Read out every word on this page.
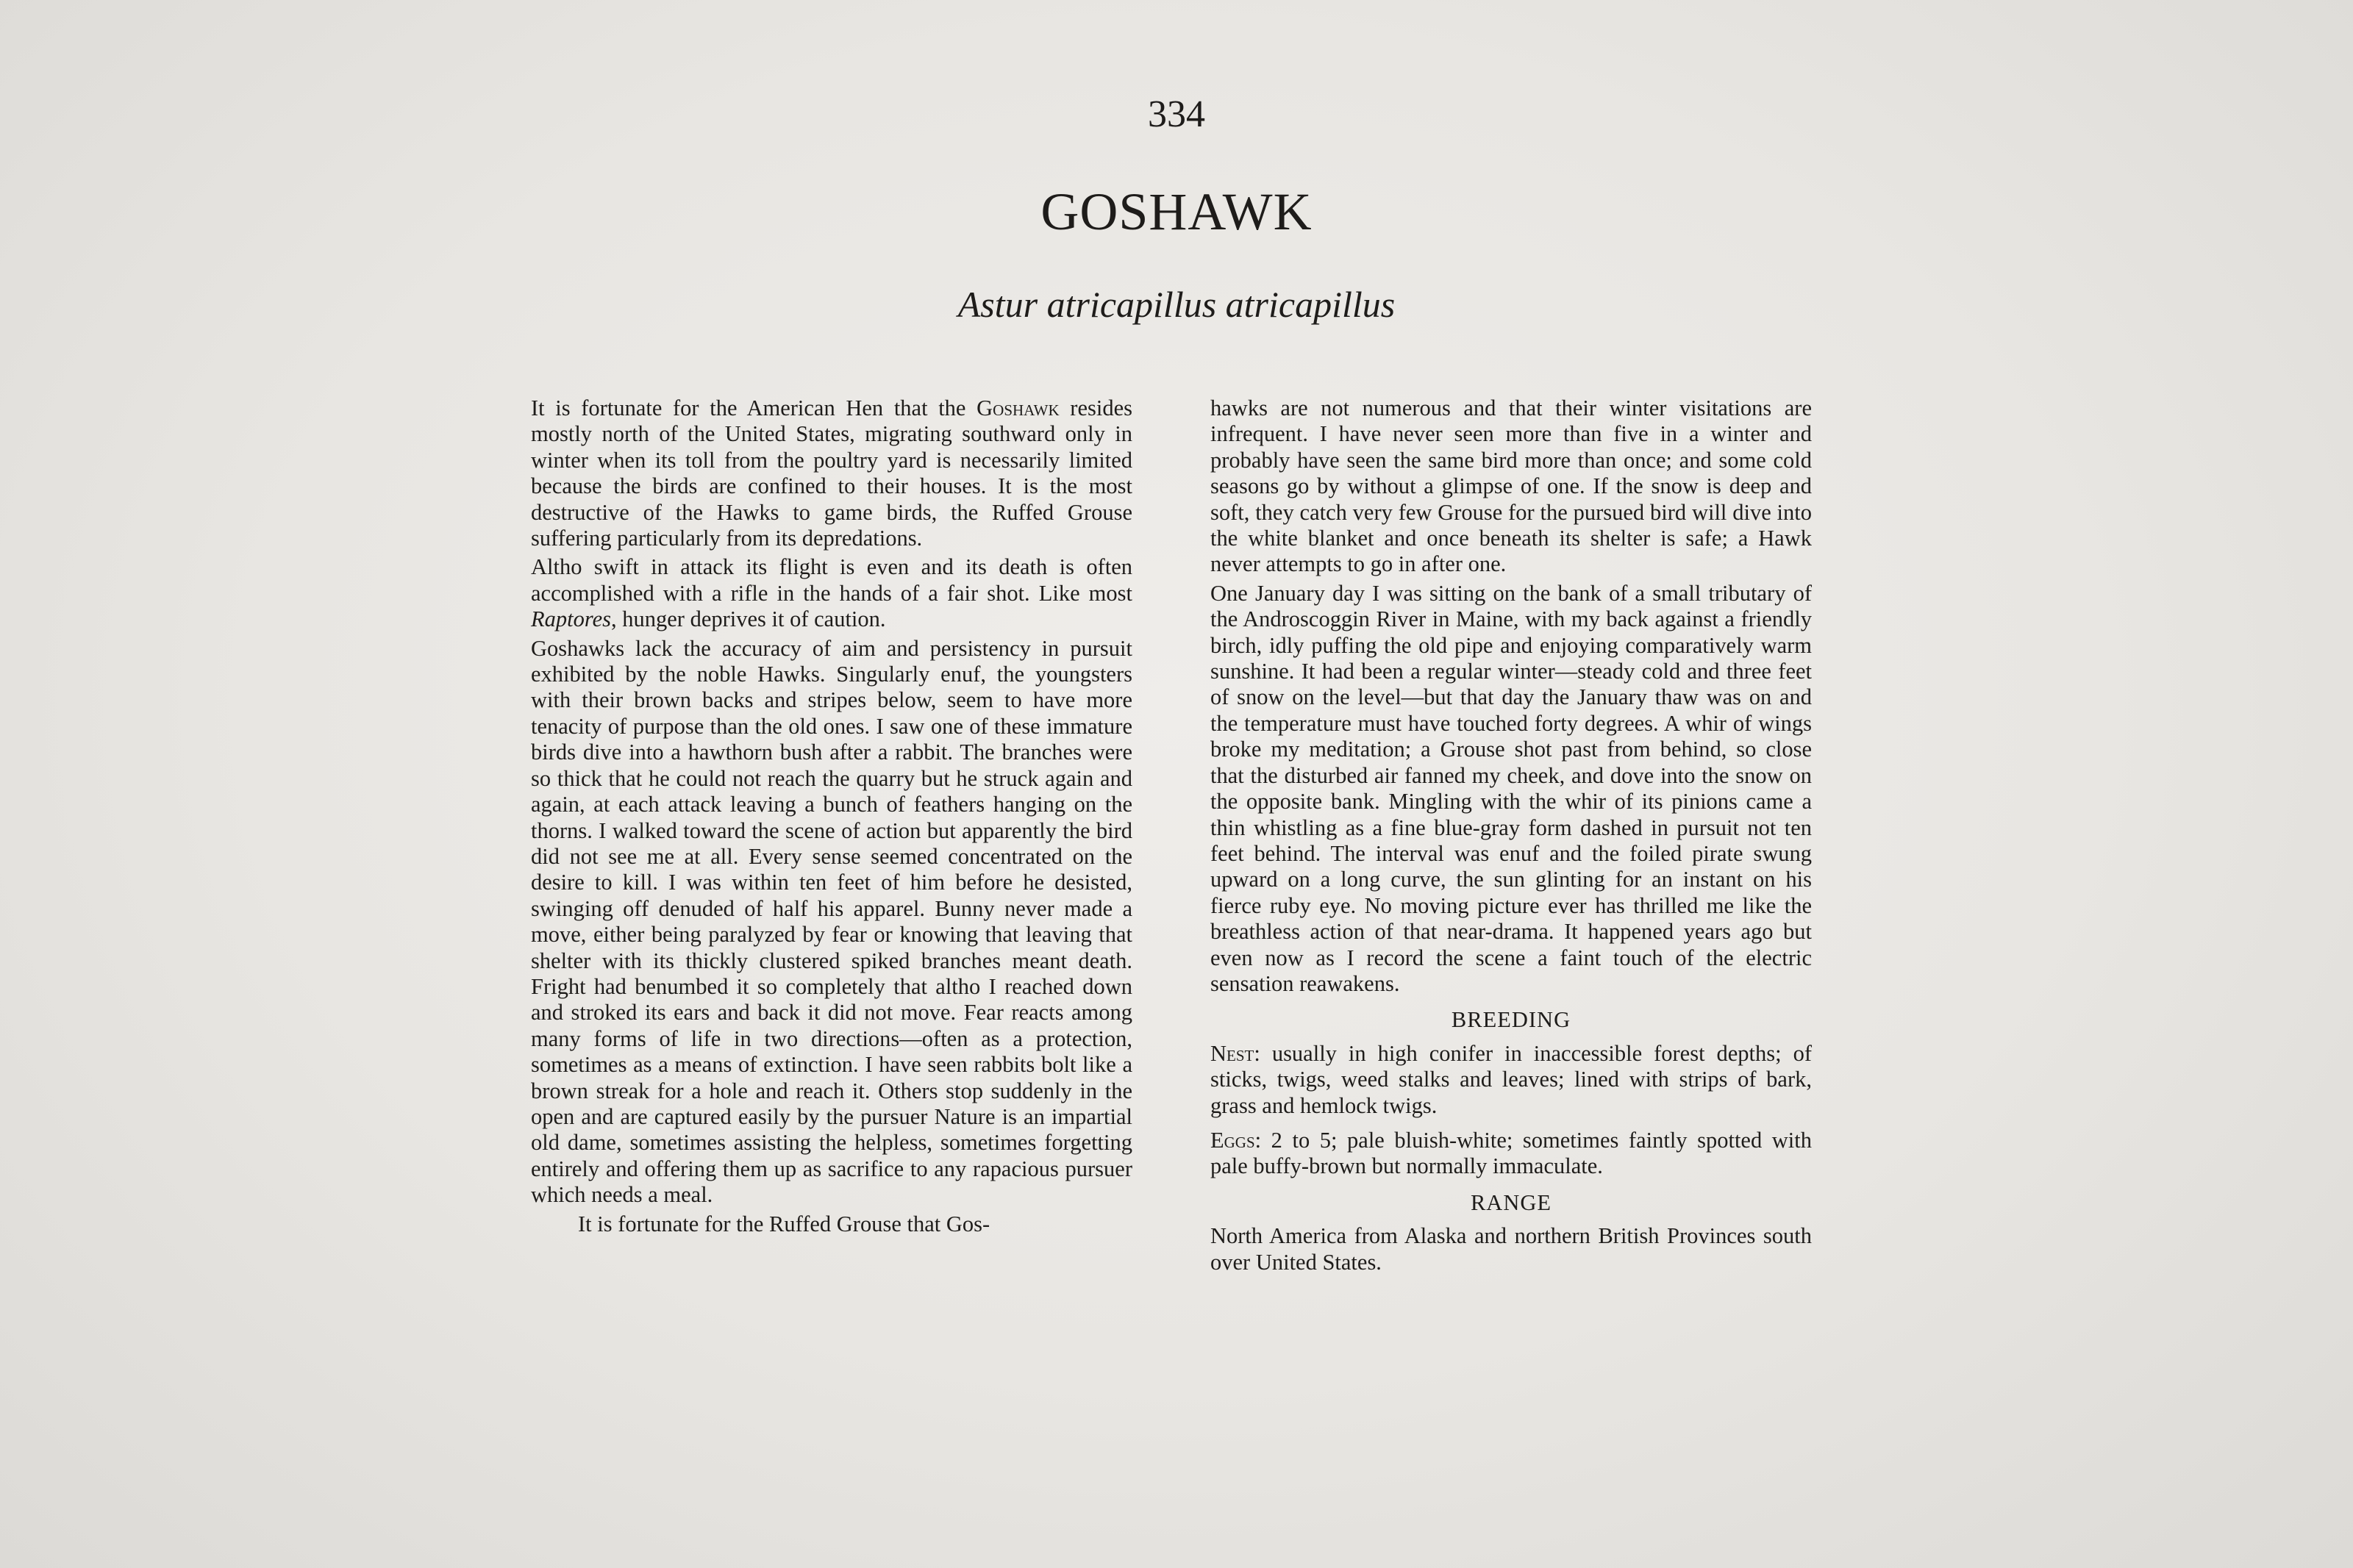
334
GOSHAWK
Astur atricapillus atricapillus

It is fortunate for the American Hen that the Goshawk resides mostly north of the United States, migrating southward only in winter when its toll from the poultry yard is necessarily limited because the birds are confined to their houses. It is the most destructive of the Hawks to game birds, the Ruffed Grouse suffering particularly from its depredations.

Altho swift in attack its flight is even and its death is often accomplished with a rifle in the hands of a fair shot. Like most Raptores, hunger deprives it of caution.

Goshawks lack the accuracy of aim and persistency in pursuit exhibited by the noble Hawks. Singularly enuf, the youngsters with their brown backs and stripes below, seem to have more tenacity of purpose than the old ones. I saw one of these immature birds dive into a hawthorn bush after a rabbit. The branches were so thick that he could not reach the quarry but he struck again and again, at each attack leaving a bunch of feathers hanging on the thorns. I walked toward the scene of action but apparently the bird did not see me at all. Every sense seemed concentrated on the desire to kill. I was within ten feet of him before he desisted, swinging off denuded of half his apparel. Bunny never made a move, either being paralyzed by fear or knowing that leaving that shelter with its thickly clustered spiked branches meant death. Fright had benumbed it so completely that altho I reached down and stroked its ears and back it did not move. Fear reacts among many forms of life in two directions—often as a protection, sometimes as a means of extinction. I have seen rabbits bolt like a brown streak for a hole and reach it. Others stop suddenly in the open and are captured easily by the pursuer Nature is an impartial old dame, sometimes assisting the helpless, sometimes forgetting entirely and offering them up as sacrifice to any rapacious pursuer which needs a meal.

It is fortunate for the Ruffed Grouse that Gos-

hawks are not numerous and that their winter visitations are infrequent. I have never seen more than five in a winter and probably have seen the same bird more than once; and some cold seasons go by without a glimpse of one. If the snow is deep and soft, they catch very few Grouse for the pursued bird will dive into the white blanket and once beneath its shelter is safe; a Hawk never attempts to go in after one.

One January day I was sitting on the bank of a small tributary of the Androscoggin River in Maine, with my back against a friendly birch, idly puffing the old pipe and enjoying comparatively warm sunshine. It had been a regular winter—steady cold and three feet of snow on the level—but that day the January thaw was on and the temperature must have touched forty degrees. A whir of wings broke my meditation; a Grouse shot past from behind, so close that the disturbed air fanned my cheek, and dove into the snow on the opposite bank. Mingling with the whir of its pinions came a thin whistling as a fine blue-gray form dashed in pursuit not ten feet behind. The interval was enuf and the foiled pirate swung upward on a long curve, the sun glinting for an instant on his fierce ruby eye. No moving picture ever has thrilled me like the breathless action of that near-drama. It happened years ago but even now as I record the scene a faint touch of the electric sensation reawakens.

BREEDING

Nest: usually in high conifer in inaccessible forest depths; of sticks, twigs, weed stalks and leaves; lined with strips of bark, grass and hemlock twigs.

Eggs: 2 to 5; pale bluish-white; sometimes faintly spotted with pale buffy-brown but normally immaculate.

RANGE

North America from Alaska and northern British Provinces south over United States.
